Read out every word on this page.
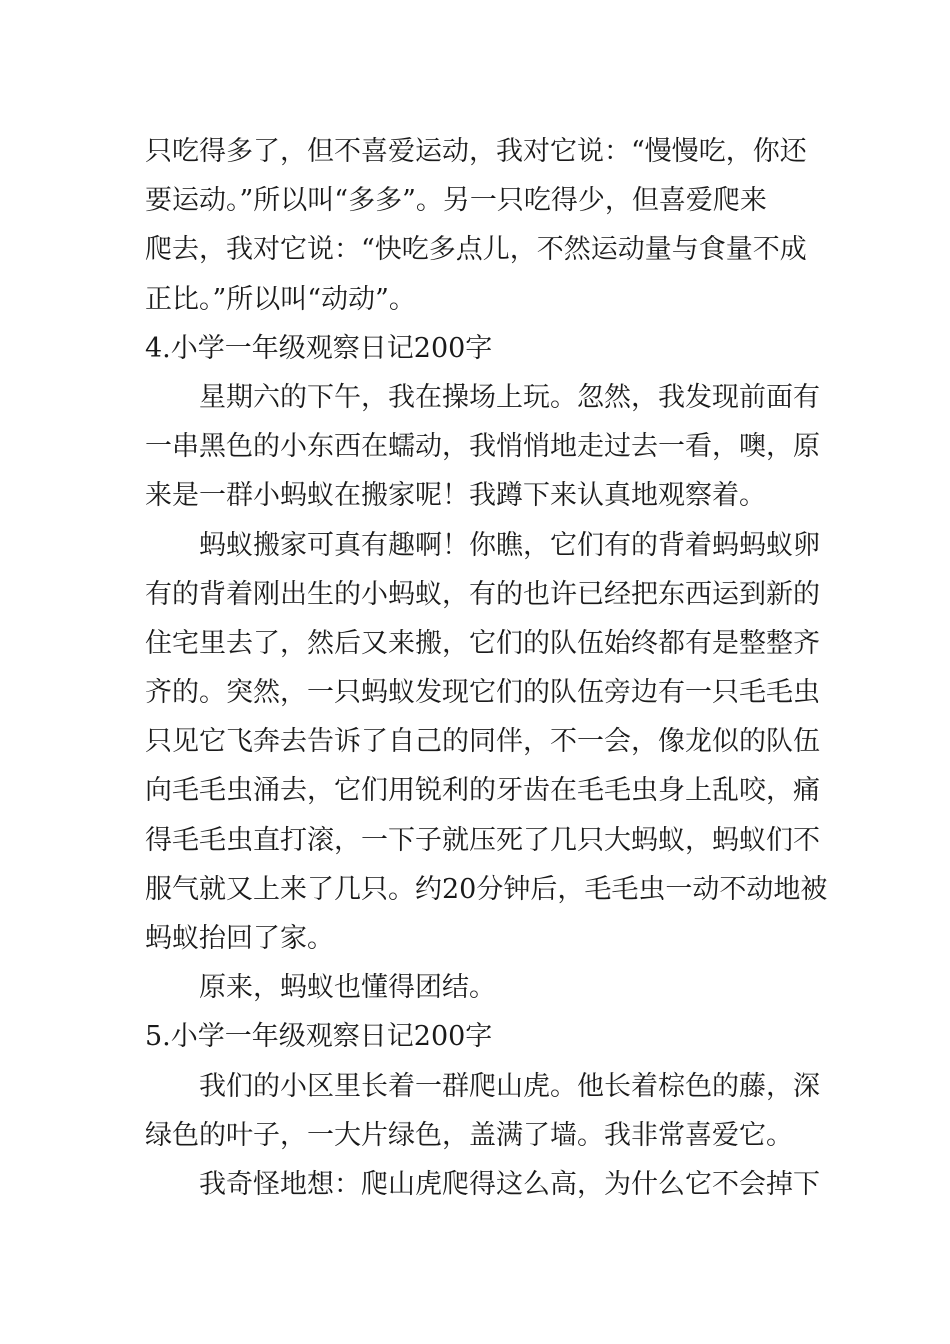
只吃得多了，但不喜爱运动，我对它说：“慢慢吃，你还
要运动。”所以叫“多多”。另一只吃得少，但喜爱爬来
爬去，我对它说：“快吃多点儿，不然运动量与食量不成
正比。”所以叫“动动”。
4.小学一年级观察日记200字
星期六的下午，我在操场上玩。忽然，我发现前面有
一串黑色的小东西在蠕动，我悄悄地走过去一看，噢，原
来是一群小蚂蚁在搬家呢！我蹲下来认真地观察着。
蚂蚁搬家可真有趣啊！你瞧，它们有的背着蚂蚂蚁卵
有的背着刚出生的小蚂蚁，有的也许已经把东西运到新的
住宅里去了，然后又来搬，它们的队伍始终都有是整整齐
齐的。突然，一只蚂蚁发现它们的队伍旁边有一只毛毛虫
只见它飞奔去告诉了自己的同伴，不一会，像龙似的队伍
向毛毛虫涌去，它们用锐利的牙齿在毛毛虫身上乱咬，痛
得毛毛虫直打滚，一下子就压死了几只大蚂蚁，蚂蚁们不
服气就又上来了几只。约20分钟后，毛毛虫一动不动地被
蚂蚁抬回了家。
原来，蚂蚁也懂得团结。
5.小学一年级观察日记200字
我们的小区里长着一群爬山虎。他长着棕色的藤，深
绿色的叶子，一大片绿色，盖满了墙。我非常喜爱它。
我奇怪地想：爬山虎爬得这么高，为什么它不会掉下
